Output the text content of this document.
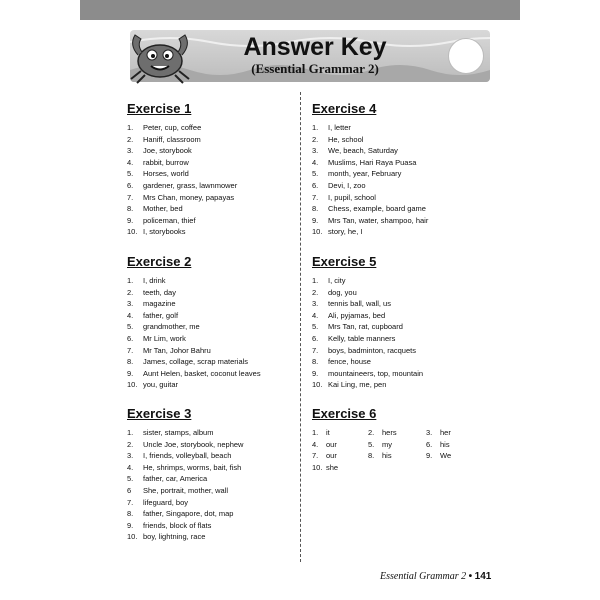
Answer Key
(Essential Grammar 2)
Exercise 1
1. Peter, cup, coffee
2. Haniff, classroom
3. Joe, storybook
4. rabbit, burrow
5. Horses, world
6. gardener, grass, lawnmower
7. Mrs Chan, money, papayas
8. Mother, bed
9. policeman, thief
10. I, storybooks
Exercise 2
1. I, drink
2. teeth, day
3. magazine
4. father, golf
5. grandmother, me
6. Mr Lim, work
7. Mr Tan, Johor Bahru
8. James, collage, scrap materials
9. Aunt Helen, basket, coconut leaves
10. you, guitar
Exercise 3
1. sister, stamps, album
2. Uncle Joe, storybook, nephew
3. I, friends, volleyball, beach
4. He, shrimps, worms, bait, fish
5. father, car, America
6 She, portrait, mother, wall
7. lifeguard, boy
8. father, Singapore, dot, map
9. friends, block of flats
10. boy, lightning, race
Exercise 4
1. I, letter
2. He, school
3. We, beach, Saturday
4. Muslims, Hari Raya Puasa
5. month, year, February
6. Devi, I, zoo
7. I, pupil, school
8. Chess, example, board game
9. Mrs Tan, water, shampoo, hair
10. story, he, I
Exercise 5
1. I, city
2. dog, you
3. tennis ball, wall, us
4. Ali, pyjamas, bed
5. Mrs Tan, rat, cupboard
6. Kelly, table manners
7. boys, badminton, racquets
8. fence, house
9. mountaineers, top, mountain
10. Kai Ling, me, pen
Exercise 6
1. it	2. hers	3. her
4. our	5. my	6. his
7. our	8. his	9. We
10. she
Essential Grammar 2 • 141
